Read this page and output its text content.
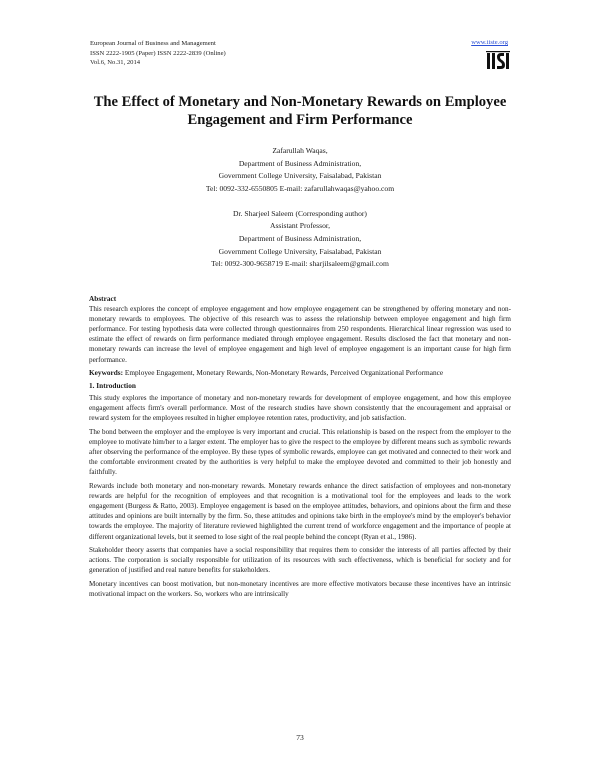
European Journal of Business and Management
ISSN 2222-1905 (Paper) ISSN 2222-2839 (Online)
Vol.6, No.31, 2014
www.iiste.org
The Effect of Monetary and Non-Monetary Rewards on Employee
Engagement and Firm Performance
Zafarullah Waqas,
Department of Business Administration,
Government College University, Faisalabad, Pakistan
Tel: 0092-332-6550805 E-mail: zafarullahwaqas@yahoo.com
Dr. Sharjeel Saleem (Corresponding author)
Assistant Professor,
Department of Business Administration,
Government College University, Faisalabad, Pakistan
Tel: 0092-300-9658719 E-mail: sharjilsaleem@gmail.com

Abstract

This research explores the concept of employee engagement and how employee engagement can be strengthened by offering monetary and non-monetary rewards to employees. The objective of this research was to assess the relationship between employee engagement and high firm performance. For testing hypothesis data were collected through questionnaires from 250 respondents. Hierarchical linear regression was used to estimate the effect of rewards on firm performance mediated through employee engagement. Results disclosed the fact that monetary and non-monetary rewards can increase the level of employee engagement and high level of employee engagement is an important cause for high firm performance.

Keywords: Employee Engagement, Monetary Rewards, Non-Monetary Rewards, Perceived Organizational Performance

1. Introduction

This study explores the importance of monetary and non-monetary rewards for development of employee engagement, and how this employee engagement affects firm's overall performance. Most of the research studies have shown consistently that the encouragement and appraisal or reward system for the employees resulted in higher employee retention rates, productivity, and job satisfaction.

The bond between the employer and the employee is very important and crucial. This relationship is based on the respect from the employer to the employee to motivate him/her to a larger extent. The employer has to give the respect to the employee by different means such as symbolic rewards after observing the performance of the employee. By these types of symbolic rewards, employee can get motivated and connected to their work and the comfortable environment created by the authorities is very helpful to make the employee devoted and committed to their job honestly and faithfully.

Rewards include both monetary and non-monetary rewards. Monetary rewards enhance the direct satisfaction of employees and non-monetary rewards are helpful for the recognition of employees and that recognition is a motivational tool for the employees and leads to the work engagement (Burgess & Ratto, 2003). Employee engagement is based on the employee attitudes, behaviors, and opinions about the firm and these attitudes and opinions are built internally by the firm. So, these attitudes and opinions take birth in the employee's mind by the employer's behavior towards the employee. The majority of literature reviewed highlighted the current trend of workforce engagement and the importance of people at different organizational levels, but it seemed to lose sight of the real people behind the concept (Ryan et al., 1986).

Stakeholder theory asserts that companies have a social responsibility that requires them to consider the interests of all parties affected by their actions. The corporation is socially responsible for utilization of its resources with such effectiveness, which is beneficial for society and for generation of justified and real nature benefits for stakeholders.

Monetary incentives can boost motivation, but non-monetary incentives are more effective motivators because these incentives have an intrinsic motivational impact on the workers. So, workers who are intrinsically

73
